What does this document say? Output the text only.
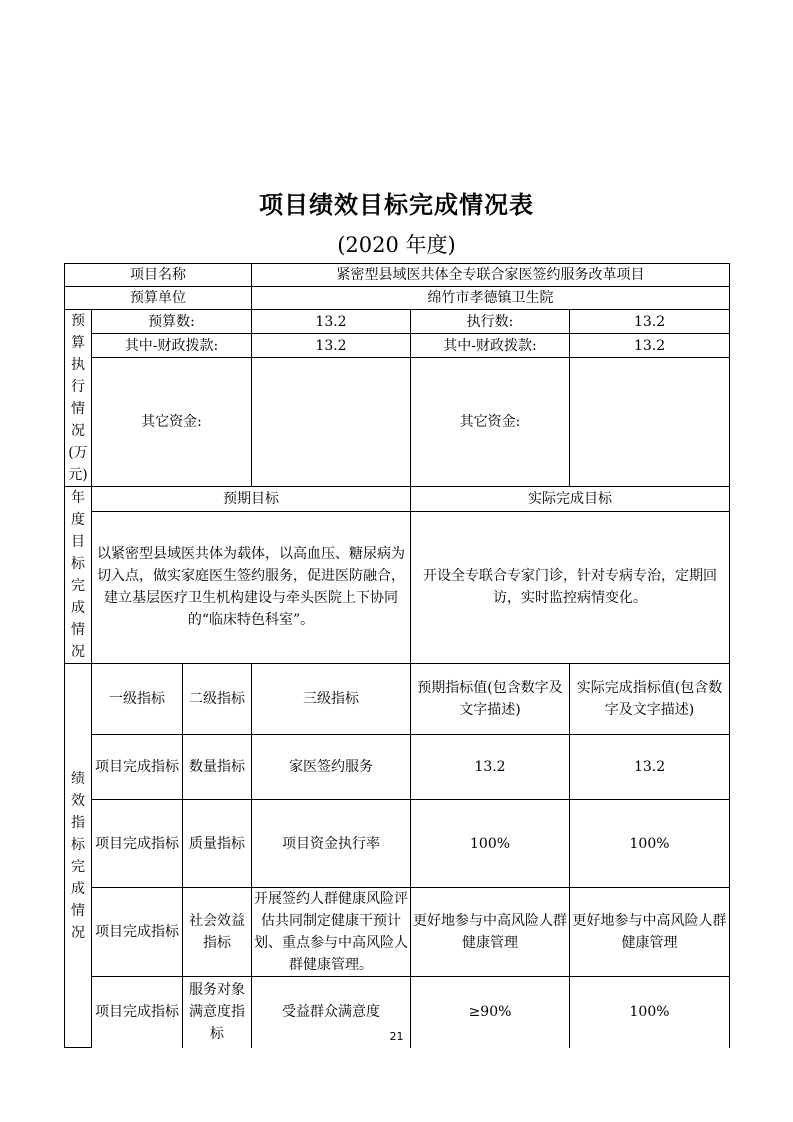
项目绩效目标完成情况表
(2020 年度)
项目名称			紧密型县域医共体全专联合家医签约服务改革项目		
预算单位			绵竹市孝德镇卫生院		

预算执行情况(万元)	预算数:		13.2	执行数:	13.2
	其中-财政拨款:		13.2	其中-财政拨款:	13.2
	其它资金:			其它资金:	

年度目标完成情况	预期目标			实际完成目标	
	以紧密型县域医共体为载体，以高血压、糖尿病为切入点，做实家庭医生签约服务，促进医防融合，建立基层医疗卫生机构建设与牵头医院上下协同的“临床特色科室”。			开设全专联合专家门诊，针对专病专治，定期回访，实时监控病情变化。	

绩效指标完成情况	一级指标	二级指标	三级指标	预期指标值(包含数字及文字描述)	实际完成指标值(包含数字及文字描述)
	项目完成指标	数量指标	家医签约服务	13.2	13.2
	项目完成指标	质量指标	项目资金执行率	100%	100%
	项目完成指标	社会效益指标	开展签约人群健康风险评估共同制定健康干预计划、重点参与中高风险人群健康管理。	更好地参与中高风险人群健康管理	更好地参与中高风险人群健康管理
	项目完成指标	服务对象满意度指标	受益群众满意度	≥90%	100%
21
